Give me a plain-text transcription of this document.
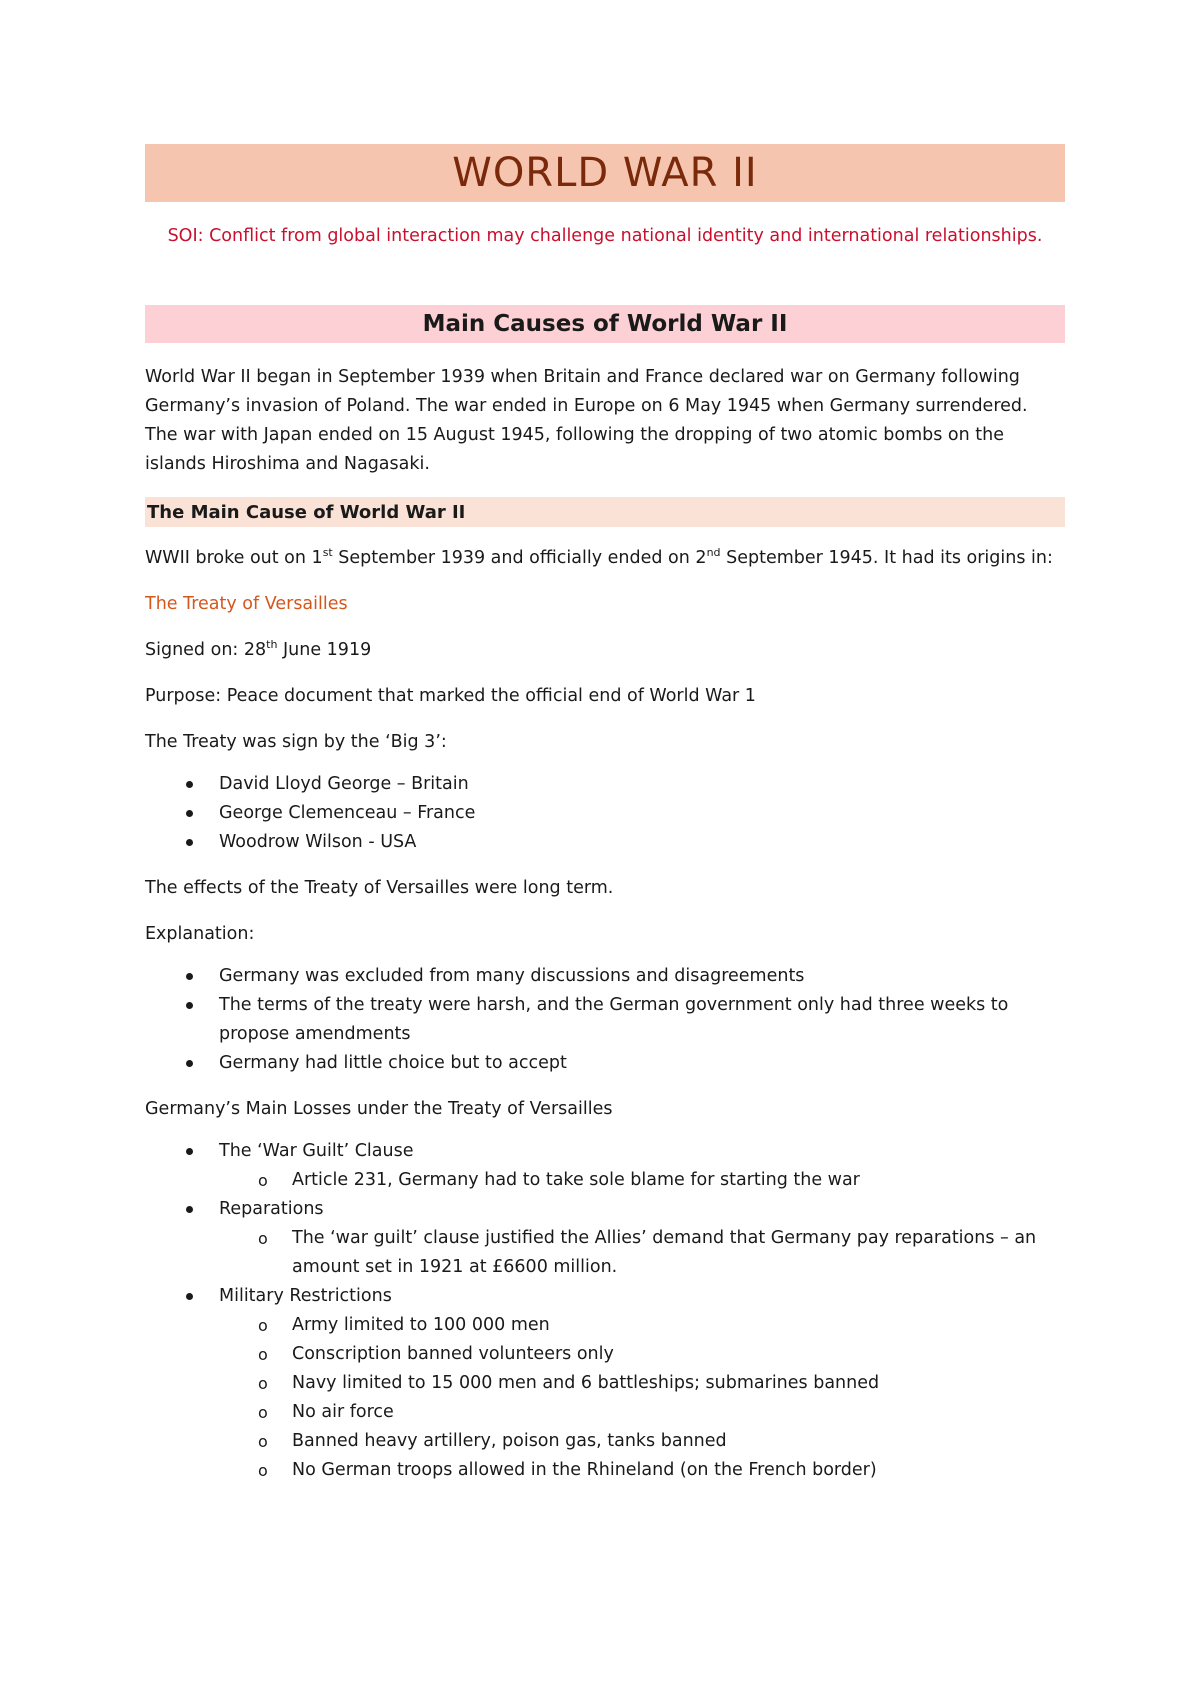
WORLD WAR II
SOI: Conflict from global interaction may challenge national identity and international relationships.
Main Causes of World War II

World War II began in September 1939 when Britain and France declared war on Germany following Germany’s invasion of Poland. The war ended in Europe on 6 May 1945 when Germany surrendered. The war with Japan ended on 15 August 1945, following the dropping of two atomic bombs on the islands Hiroshima and Nagasaki.

The Main Cause of World War II

WWII broke out on 1st September 1939 and officially ended on 2nd September 1945. It had its origins in:

The Treaty of Versailles

Signed on: 28th June 1919

Purpose: Peace document that marked the official end of World War 1

The Treaty was sign by the ‘Big 3’:

David Lloyd George – Britain
George Clemenceau – France
Woodrow Wilson - USA

The effects of the Treaty of Versailles were long term.

Explanation:

Germany was excluded from many discussions and disagreements
The terms of the treaty were harsh, and the German government only had three weeks to propose amendments
Germany had little choice but to accept

Germany’s Main Losses under the Treaty of Versailles

The ‘War Guilt’ Clause
o Article 231, Germany had to take sole blame for starting the war
Reparations
o The ‘war guilt’ clause justified the Allies’ demand that Germany pay reparations – an amount set in 1921 at £6600 million.
Military Restrictions
o Army limited to 100 000 men
o Conscription banned volunteers only
o Navy limited to 15 000 men and 6 battleships; submarines banned
o No air force
o Banned heavy artillery, poison gas, tanks banned
o No German troops allowed in the Rhineland (on the French border)
